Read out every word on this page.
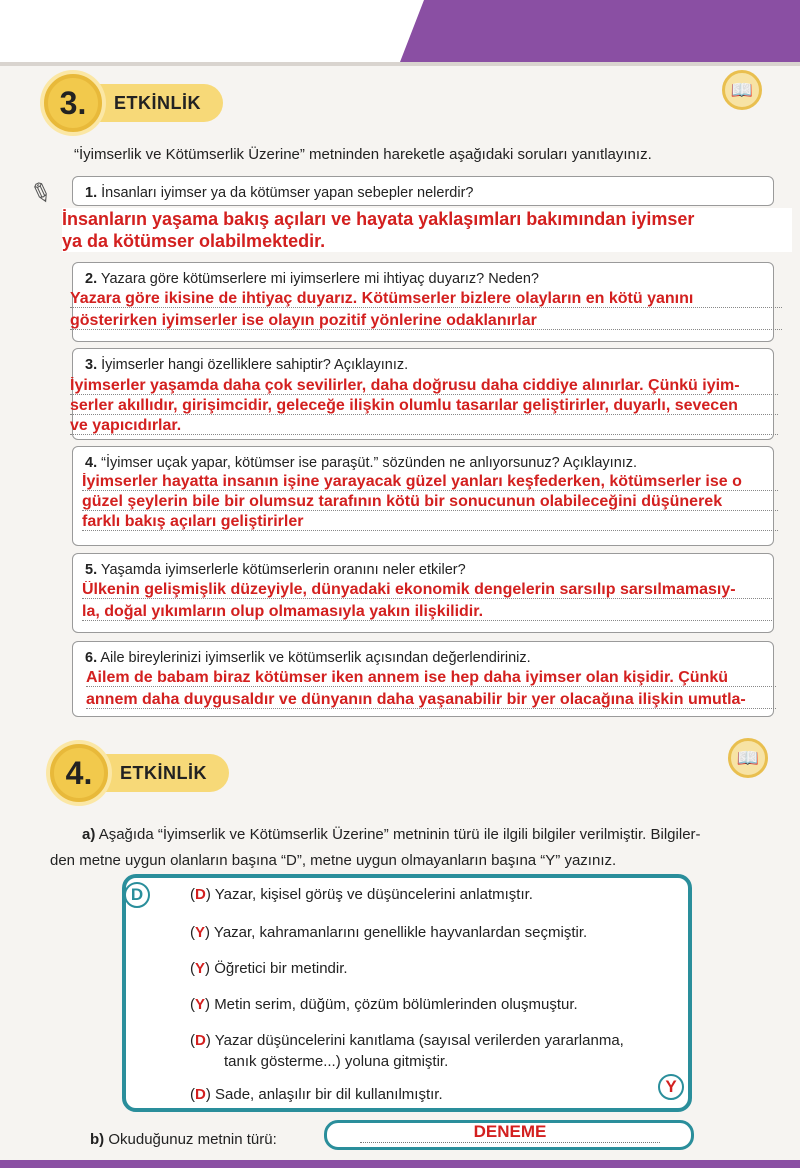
3.	ETKİNLİK
📖
“İyimserlik ve Kötümserlik Üzerine” metninden hareketle aşağıdaki soruları yanıtlayınız.
✎	1. İnsanları iyimser ya da kötümser yapan sebepler nelerdir?
İnsanların yaşama bakış açıları ve hayata yaklaşımları bakımından iyimser
ya da kötümser olabilmektedir.
2. Yazara göre kötümserlere mi iyimserlere mi ihtiyaç duyarız? Neden?
Yazara göre ikisine de ihtiyaç duyarız. Kötümserler bizlere olayların en kötü yanını
gösterirken iyimserler ise olayın pozitif yönlerine odaklanırlar
3. İyimserler hangi özelliklere sahiptir? Açıklayınız.
İyimserler yaşamda daha çok sevilirler, daha doğrusu daha ciddiye alınırlar. Çünkü iyim-
serler akıllıdır, girişimcidir, geleceğe ilişkin olumlu tasarılar geliştirirler, duyarlı, sevecen
ve yapıcıdırlar.
4. “İyimser uçak yapar, kötümser ise paraşüt.” sözünden ne anlıyorsunuz? Açıklayınız.
İyimserler hayatta insanın işine yarayacak güzel yanları keşfederken, kötümserler ise o
güzel şeylerin bile bir olumsuz tarafının kötü bir sonucunun olabileceğini düşünerek
farklı bakış açıları geliştirirler
5. Yaşamda iyimserlerle kötümserlerin oranını neler etkiler?
Ülkenin gelişmişlik düzeyiyle, dünyadaki ekonomik dengelerin sarsılıp sarsılmamasıy-
la, doğal yıkımların olup olmamasıyla yakın ilişkilidir.
6. Aile bireylerinizi iyimserlik ve kötümserlik açısından değerlendiriniz.
Ailem de babam biraz kötümser iken annem ise hep daha iyimser olan kişidir. Çünkü
annem daha duygusaldır ve dünyanın daha yaşanabilir bir yer olacağına ilişkin umutla-
4.	ETKİNLİK
📖
a) Aşağıda “İyimserlik ve Kötümserlik Üzerine” metninin türü ile ilgili bilgiler verilmiştir. Bilgiler-
den metne uygun olanların başına “D”, metne uygun olmayanların başına “Y” yazınız.
D
Y
(D) Yazar, kişisel görüş ve düşüncelerini anlatmıştır.
(Y) Yazar, kahramanlarını genellikle hayvanlardan seçmiştir.
(Y) Öğretici bir metindir.
(Y) Metin serim, düğüm, çözüm bölümlerinden oluşmuştur.
(D) Yazar düşüncelerini kanıtlama (sayısal verilerden yararlanma,
tanık gösterme...) yoluna gitmiştir.
(D) Sade, anlaşılır bir dil kullanılmıştır.
b) Okuduğunuz metnin türü:	DENEME
